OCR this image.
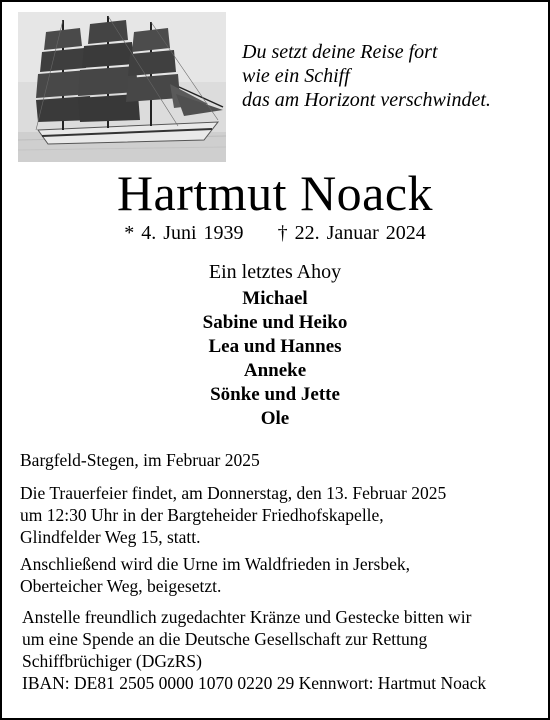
Du setzt deine Reise fort
wie ein Schiff
das am Horizont verschwindet.
Hartmut Noack
* 4. Juni 1939 † 22. Januar 2024
Ein letztes Ahoy
Michael
Sabine und Heiko
Lea und Hannes
Anneke
Sönke und Jette
Ole
Bargfeld-Stegen, im Februar 2025
Die Trauerfeier findet, am Donnerstag, den 13. Februar 2025
um 12:30 Uhr in der Bargteheider Friedhofskapelle,
Glindfelder Weg 15, statt.
Anschließend wird die Urne im Waldfrieden in Jersbek,
Oberteicher Weg, beigesetzt.
Anstelle freundlich zugedachter Kränze und Gestecke bitten wir
um eine Spende an die Deutsche Gesellschaft zur Rettung
Schiffbrüchiger (DGzRS)
IBAN: DE81 2505 0000 1070 0220 29 Kennwort: Hartmut Noack
